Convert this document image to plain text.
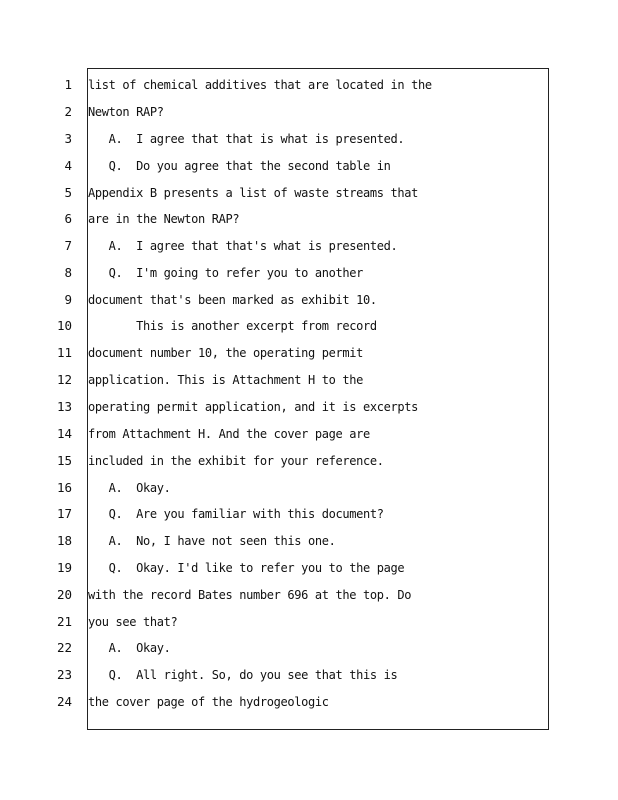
1 list of chemical additives that are located in the
2 Newton RAP?
3 A.  I agree that that is what is presented.
4 Q.  Do you agree that the second table in
5 Appendix B presents a list of waste streams that
6 are in the Newton RAP?
7 A.  I agree that that's what is presented.
8 Q.  I'm going to refer you to another
9 document that's been marked as exhibit 10.
10 This is another excerpt from record
11 document number 10, the operating permit
12 application. This is Attachment H to the
13 operating permit application, and it is excerpts
14 from Attachment H. And the cover page are
15 included in the exhibit for your reference.
16 A.  Okay.
17 Q.  Are you familiar with this document?
18 A.  No, I have not seen this one.
19 Q.  Okay. I'd like to refer you to the page
20 with the record Bates number 696 at the top. Do
21 you see that?
22 A.  Okay.
23 Q.  All right. So, do you see that this is
24 the cover page of the hydrogeologic
